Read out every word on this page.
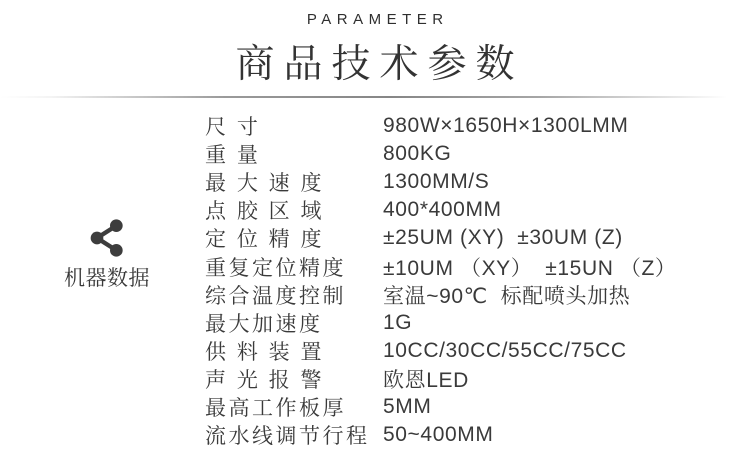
PARAMETER
商品技术参数
机器数据
尺 寸	980W×1650H×1300LMM
重 量	800KG
最 大 速 度	1300MM/S
点 胶 区 域	400*400MM
定 位 精 度	±25UM (XY)  ±30UM (Z)
重复定位精度	±10UM （XY）  ±15UN （Z）
综合温度控制	室温~90℃  标配喷头加热
最大加速度	1G
供 料 装 置	10CC/30CC/55CC/75CC
声 光 报 警	欧恩LED
最高工作板厚	5MM
流水线调节行程 50~400MM
